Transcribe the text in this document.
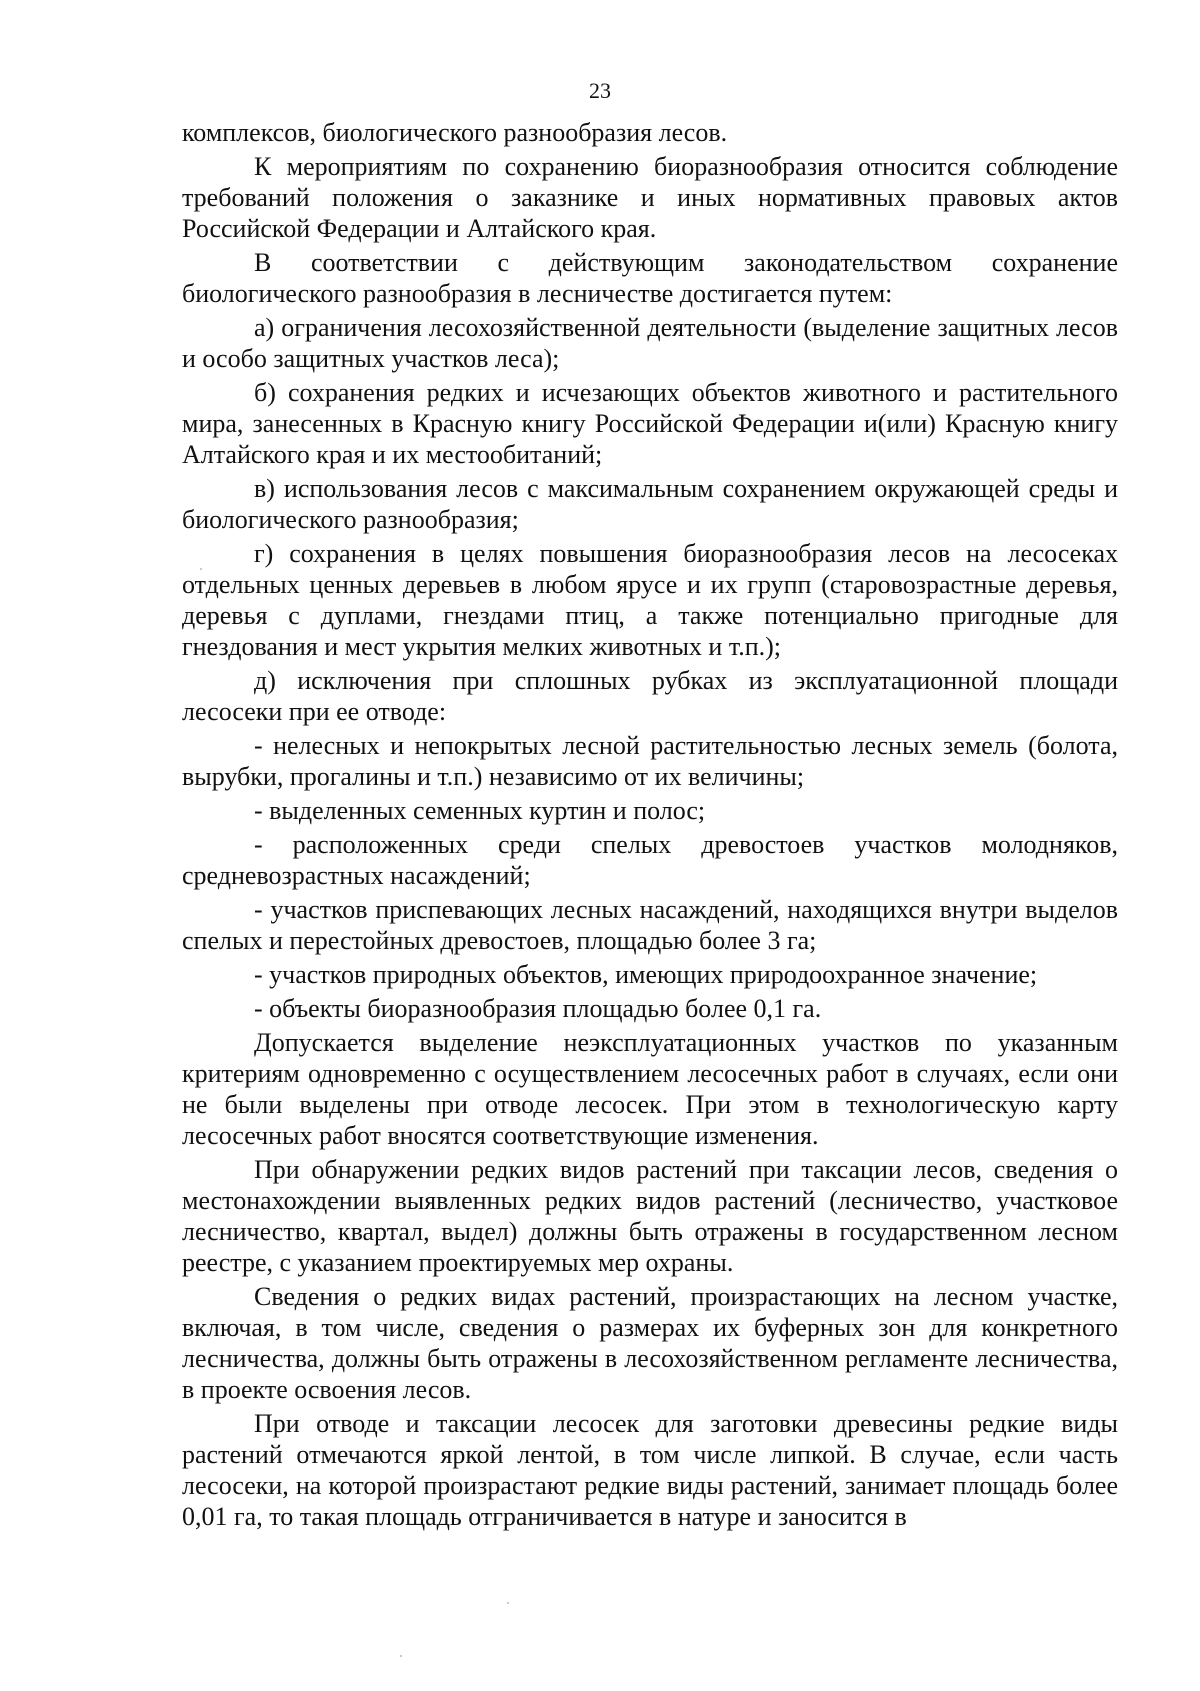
23

комплексов, биологического разнообразия лесов.

К мероприятиям по сохранению биоразнообразия относится соблюдение требований положения о заказнике и иных нормативных правовых актов Российской Федерации и Алтайского края.

В соответствии с действующим законодательством сохранение биологического разнообразия в лесничестве достигается путем:

а) ограничения лесохозяйственной деятельности (выделение защитных лесов и особо защитных участков леса);

б) сохранения редких и исчезающих объектов животного и растительного мира, занесенных в Красную книгу Российской Федерации и(или) Красную книгу Алтайского края и их местообитаний;

в) использования лесов с максимальным сохранением окружающей среды и биологического разнообразия;

г) сохранения в целях повышения биоразнообразия лесов на лесосеках отдельных ценных деревьев в любом ярусе и их групп (старовозрастные деревья, деревья с дуплами, гнездами птиц, а также потенциально пригодные для гнездования и мест укрытия мелких животных и т.п.);

д) исключения при сплошных рубках из эксплуатационной площади лесосеки при ее отводе:

- нелесных и непокрытых лесной растительностью лесных земель (болота, вырубки, прогалины и т.п.) независимо от их величины;

- выделенных семенных куртин и полос;

- расположенных среди спелых древостоев участков молодняков, средневозрастных насаждений;

- участков приспевающих лесных насаждений, находящихся внутри выделов спелых и перестойных древостоев, площадью более 3 га;

- участков природных объектов, имеющих природоохранное значение;

- объекты биоразнообразия площадью более 0,1 га.

Допускается выделение неэксплуатационных участков по указанным критериям одновременно с осуществлением лесосечных работ в случаях, если они не были выделены при отводе лесосек. При этом в технологическую карту лесосечных работ вносятся соответствующие изменения.

При обнаружении редких видов растений при таксации лесов, сведения о местонахождении выявленных редких видов растений (лесничество, участковое лесничество, квартал, выдел) должны быть отражены в государственном лесном реестре, с указанием проектируемых мер охраны.

Сведения о редких видах растений, произрастающих на лесном участке, включая, в том числе, сведения о размерах их буферных зон для конкретного лесничества, должны быть отражены в лесохозяйственном регламенте лесничества, в проекте освоения лесов.

При отводе и таксации лесосек для заготовки древесины редкие виды растений отмечаются яркой лентой, в том числе липкой. В случае, если часть лесосеки, на которой произрастают редкие виды растений, занимает площадь более 0,01 га, то такая площадь отграничивается в натуре и заносится в
